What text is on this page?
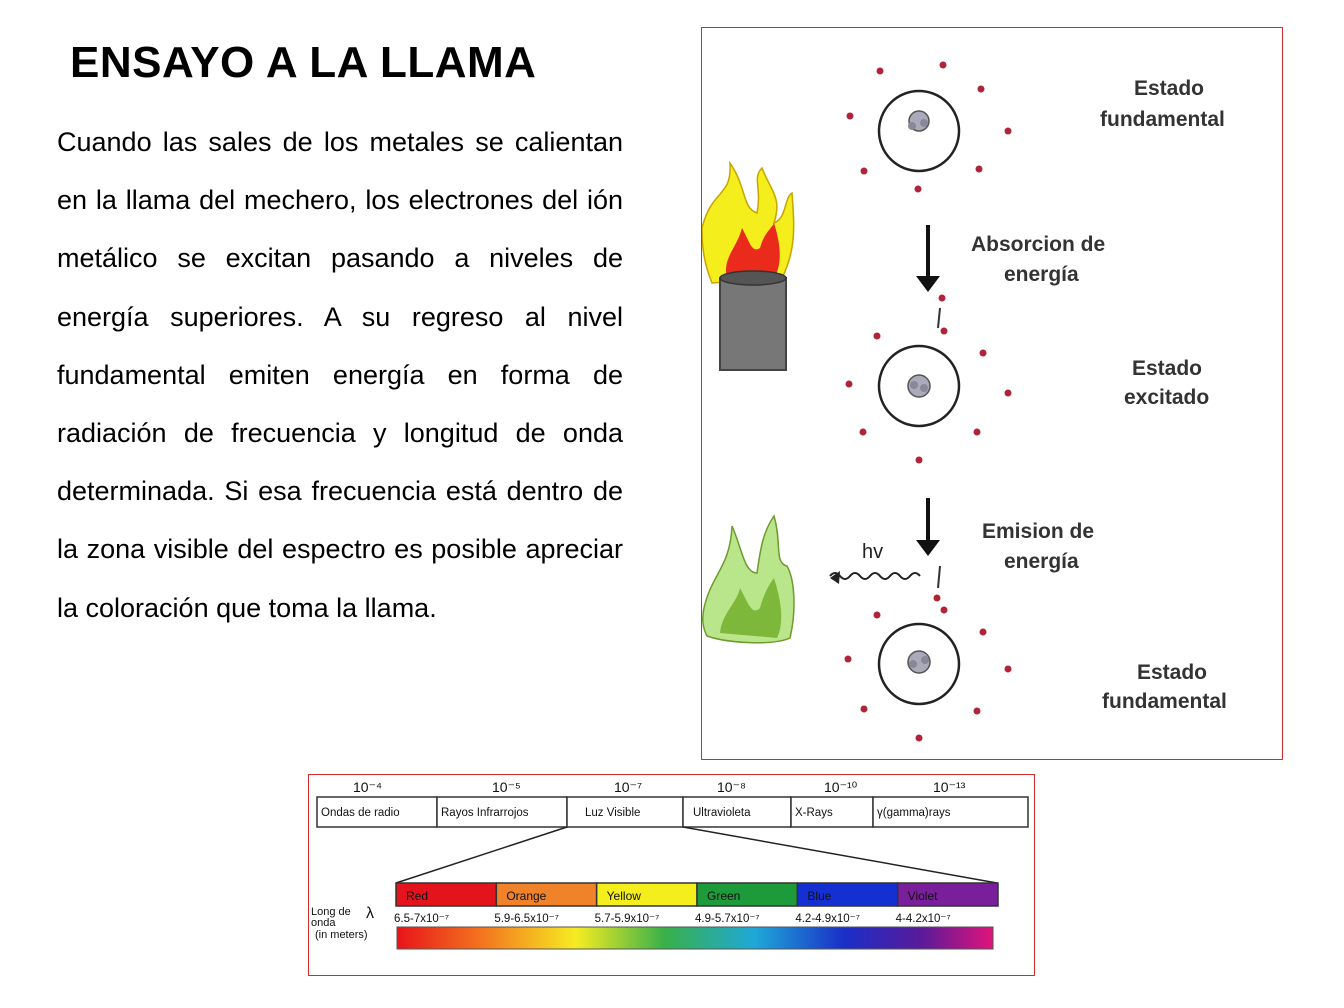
ENSAYO A LA LLAMA
Cuando las sales de los metales se calientan en la llama del mechero, los electrones del ión metálico se excitan pasando a niveles de energía superiores. A su regreso al nivel fundamental emiten energía en forma de radiación de frecuencia y longitud de onda determinada. Si esa frecuencia está dentro de la zona visible del espectro es posible apreciar la coloración que toma la llama.
hv
Estado
fundamental
Absorcion de
energía
Estado
excitado
Emision de
energía
Estado
fundamental
10⁻⁴	10⁻⁵	10⁻⁷	10⁻⁸	10⁻¹⁰	10⁻¹³
Ondas de radio	Rayos Infrarrojos	Luz Visible	Ultravioleta	X-Rays	γ(gamma)rays
Red	Orange	Yellow	Green	Blue	Violet
Long de
onda
(in meters)
λ 6.5-7x10⁻⁷	5.9-6.5x10⁻⁷	5.7-5.9x10⁻⁷	4.9-5.7x10⁻⁷	4.2-4.9x10⁻⁷	4-4.2x10⁻⁷
